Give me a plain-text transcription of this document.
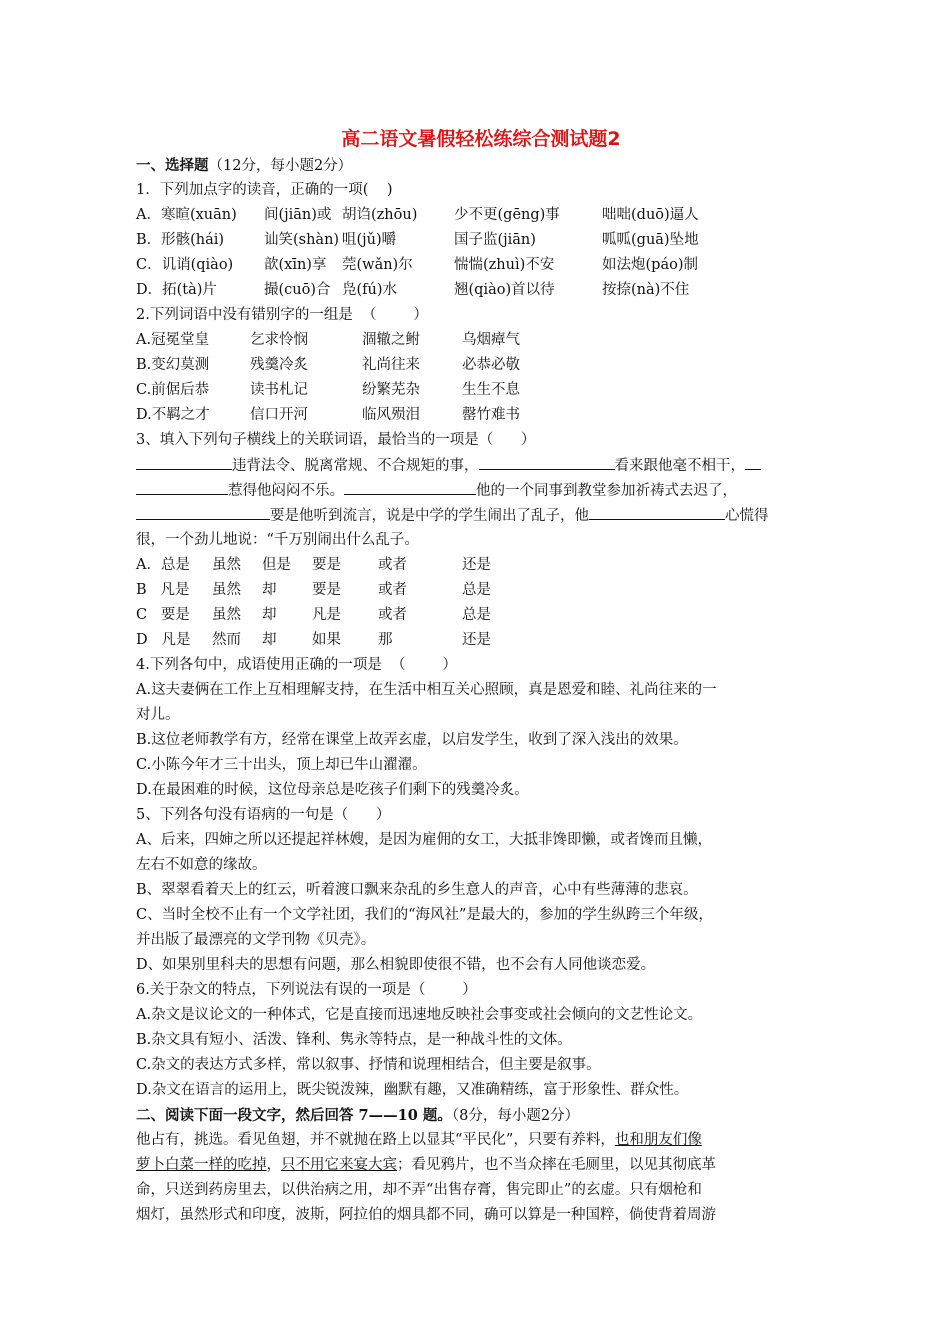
高二语文暑假轻松练综合测试题2
一、选择题（12分，每小题2分）
1．下列加点字的读音，正确的一项(    )
A．寒暄(xuān)	间(jiān)或 胡诌(zhōu)	少不更(gēng)事	咄咄(duō)逼人
B．形骸(hái)	讪笑(shàn) 咀(jǔ)嚼	国子监(jiān)	呱呱(guā)坠地
C．讥诮(qiào)	歆(xīn)享	莞(wǎn)尔	惴惴(zhuì)不安	如法炮(páo)制
D．拓(tà)片	撮(cuō)合 凫(fú)水	翘(qiào)首以待	按捺(nà)不住
2.下列词语中没有错别字的一组是  （        ）
A.冠冕堂皇	乞求怜悯	涸辙之鲋	乌烟瘴气
B.变幻莫测	残羹冷炙	礼尚往来	必恭必敬
C.前倨后恭	读书札记	纷繁芜杂	生生不息
D.不羁之才	信口开河	临风殒泪	罄竹难书
3、填入下列句子横线上的关联词语，最恰当的一项是（      ）
违背法令、脱离常规、不合规矩的事，	看来跟他毫不相干，
惹得他闷闷不乐。	他的一个同事到教堂参加祈祷式去迟了，
要是他听到流言，说是中学的学生闹出了乱子，他	心慌得
很，一个劲儿地说：“千万别闹出什么乱子。
A．总是	虽然	但是	要是	或者	还是
B   凡是	虽然	却	要是	或者	总是
C   要是	虽然	却	凡是	或者	总是
D   凡是	然而	却	如果	那	还是
4.下列各句中，成语使用正确的一项是  （        ）
A.这夫妻俩在工作上互相理解支持，在生活中相互关心照顾，真是恩爱和睦、礼尚往来的一
对儿。
B.这位老师教学有方，经常在课堂上故弄玄虚，以启发学生，收到了深入浅出的效果。
C.小陈今年才三十出头，顶上却已牛山濯濯。
D.在最困难的时候，这位母亲总是吃孩子们剩下的残羹冷炙。
5、下列各句没有语病的一句是（      ）
A、后来，四婶之所以还提起祥林嫂，是因为雇佣的女工，大抵非馋即懒，或者馋而且懒，
左右不如意的缘故。
B、翠翠看着天上的红云，听着渡口飘来杂乱的乡生意人的声音，心中有些薄薄的悲哀。
C、当时全校不止有一个文学社团，我们的“海风社”是最大的，参加的学生纵跨三个年级，
并出版了最漂亮的文学刊物《贝壳》。
D、如果别里科夫的思想有问题，那么相貌即使很不错，也不会有人同他谈恋爱。
6.关于杂文的特点，下列说法有误的一项是（        ）
A.杂文是议论文的一种体式，它是直接而迅速地反映社会事变或社会倾向的文艺性论文。
B.杂文具有短小、活泼、锋利、隽永等特点，是一种战斗性的文体。
C.杂文的表达方式多样，常以叙事、抒情和说理相结合，但主要是叙事。
D.杂文在语言的运用上，既尖锐泼辣，幽默有趣，又准确精练，富于形象性、群众性。
二、阅读下面一段文字，然后回答 7——10 题。（8分，每小题2分）
他占有，挑选。看见鱼翅，并不就抛在路上以显其“平民化”，只要有养料，也和朋友们像
萝卜白菜一样的吃掉，只不用它来宴大宾；看见鸦片，也不当众摔在毛厕里，以见其彻底革
命，只送到药房里去，以供治病之用，却不弄“出售存膏，售完即止”的玄虚。只有烟枪和
烟灯，虽然形式和印度，波斯，阿拉伯的烟具都不同，确可以算是一种国粹，倘使背着周游
